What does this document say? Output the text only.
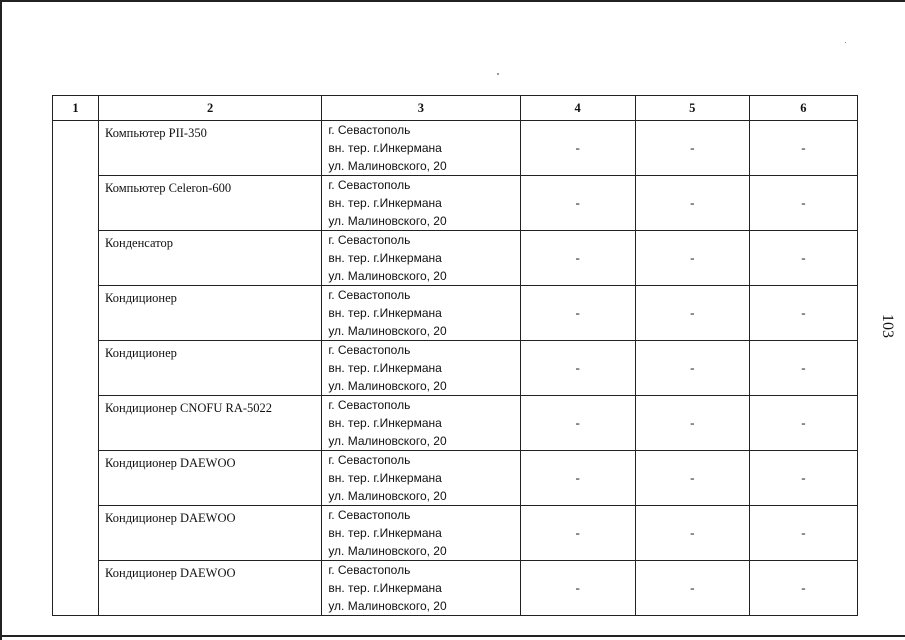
103
1	2	3	4	5	6

	Компьютер PII-350	г. Севастополь
вн. тер. г.Инкермана
ул. Малиновского, 20	-	-	-

	Компьютер Celeron-600	г. Севастополь
вн. тер. г.Инкермана
ул. Малиновского, 20	-	-	-

	Конденсатор	г. Севастополь
вн. тер. г.Инкермана
ул. Малиновского, 20	-	-	-

	Кондиционер	г. Севастополь
вн. тер. г.Инкермана
ул. Малиновского, 20	-	-	-

	Кондиционер	г. Севастополь
вн. тер. г.Инкермана
ул. Малиновского, 20	-	-	-

	Кондиционер CNOFU RA-5022	г. Севастополь
вн. тер. г.Инкермана
ул. Малиновского, 20	-	-	-

	Кондиционер DAEWOO	г. Севастополь
вн. тер. г.Инкермана
ул. Малиновского, 20	-	-	-

	Кондиционер DAEWOO	г. Севастополь
вн. тер. г.Инкермана
ул. Малиновского, 20	-	-	-

	Кондиционер DAEWOO	г. Севастополь
вн. тер. г.Инкермана
ул. Малиновского, 20	-	-	-
